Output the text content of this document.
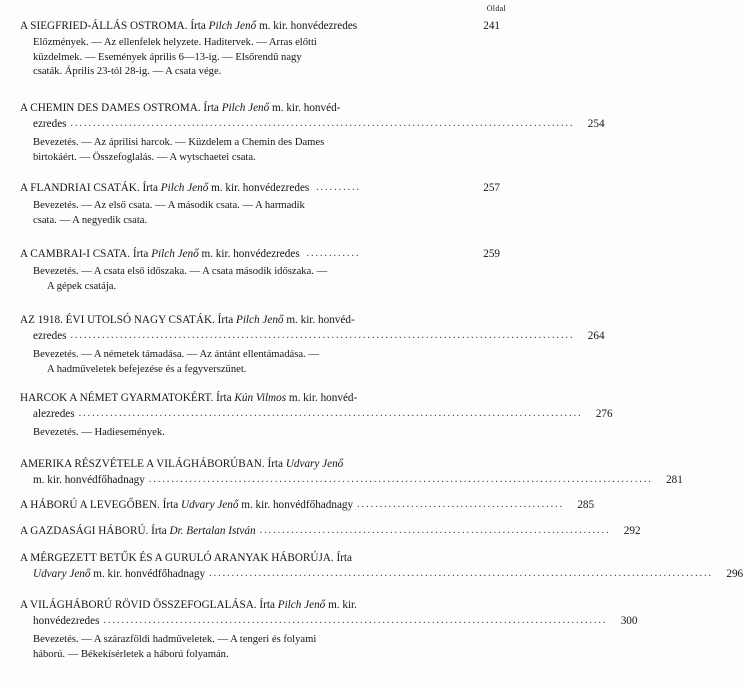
Oldal
A SIEGFRIED-ÁLLÁS OSTROMA. Írta Pilch Jenő m. kir. honvédezredes	241
Előzmények. — Az ellenfelek helyzete. Haditervek. — Arras előtti
küzdelmek. — Események április 6—13-ig. — Elsőrendű nagy
csaták. Április 23-tól 28-ig. — A csata vége.
A CHEMIN DES DAMES OSTROMA. Írta Pilch Jenő m. kir. honvéd-
ezredes ................................................................................................................	254
Bevezetés. — Az áprilisi harcok. — Küzdelem a Chemin des Dames
birtokáért. — Összefoglalás. — A wytschaetei csata.
A FLANDRIAI CSATÁK. Írta Pilch Jenő m. kir. honvédezredes ..........	257
Bevezetés. — Az első csata. — A második csata. — A harmadik
csata. — A negyedik csata.
A CAMBRAI-I CSATA. Írta Pilch Jenő m. kir. honvédezredes ............	259
Bevezetés. — A csata első időszaka. — A csata második időszaka. —
A gépek csatája.
AZ 1918. ÉVI UTOLSÓ NAGY CSATÁK. Írta Pilch Jenő m. kir. honvéd-
ezredes ................................................................................................................	264
Bevezetés. — A németek támadása. — Az ántánt ellentámadása. —
A hadműveletek befejezése és a fegyverszünet.
HARCOK A NÉMET GYARMATOKÉRT. Írta Kún Vilmos m. kir. honvéd-
alezredes ................................................................................................................	276
Bevezetés. — Hadiesemények.
AMERIKA RÉSZVÉTELE A VILÁGHÁBORÚBAN. Írta Udvary Jenő
m. kir. honvédfőhadnagy ................................................................................................................	281
A HÁBORÚ A LEVEGŐBEN. Írta Udvary Jenő m. kir. honvédfőhadnagy ..............................................	285
A GAZDASÁGI HÁBORÚ. Írta Dr. Bertalan István ..............................................................................	292
A MÉRGEZETT BETŰK ÉS A GURULÓ ARANYAK HÁBORÚJA. Írta
Udvary Jenő m. kir. honvédfőhadnagy ................................................................................................................	296
A VILÁGHÁBORÚ RÖVID ÖSSZEFOGLALÁSA. Írta Pilch Jenő m. kir.
honvédezredes ................................................................................................................	300
Bevezetés. — A szárazföldi hadműveletek. — A tengeri és folyami
háború. — Békekísérletek a háború folyamán.
